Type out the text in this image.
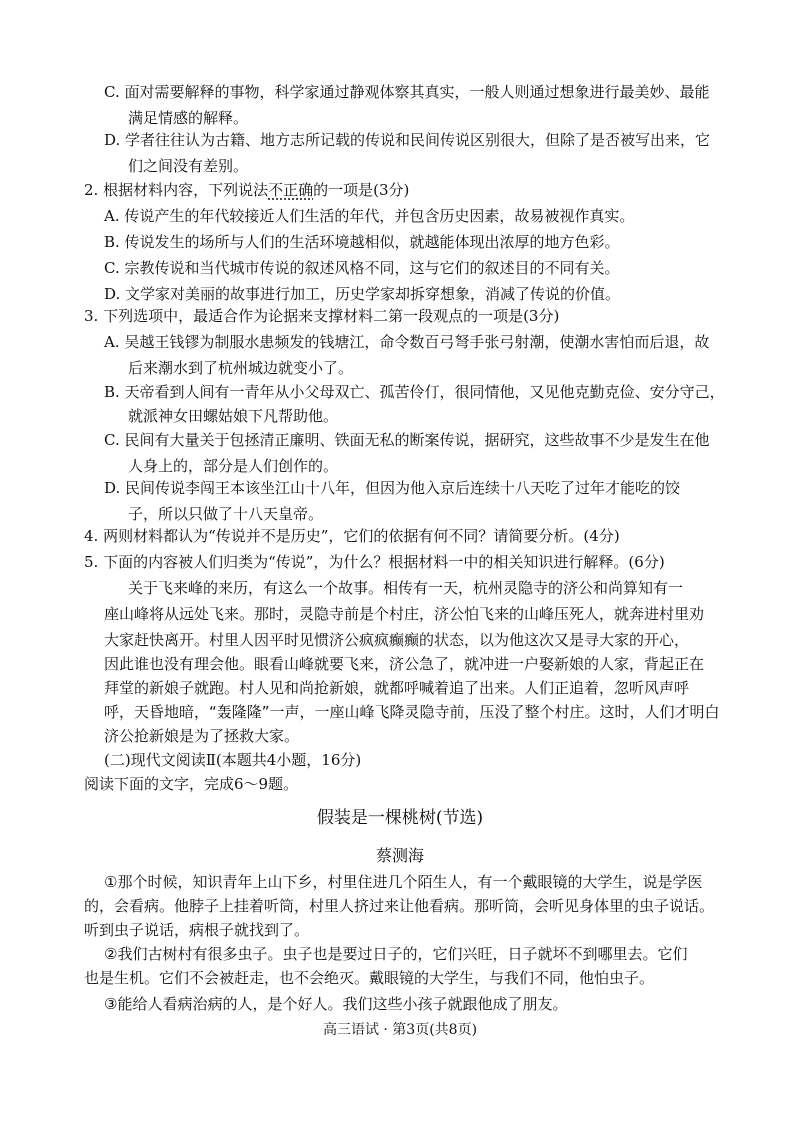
C. 面对需要解释的事物，科学家通过静观体察其真实，一般人则通过想象进行最美妙、最能
满足情感的解释。
D. 学者往往认为古籍、地方志所记载的传说和民间传说区别很大，但除了是否被写出来，它
们之间没有差别。
2. 根据材料内容，下列说法不正确的一项是(3分)
A. 传说产生的年代较接近人们生活的年代，并包含历史因素，故易被视作真实。
B. 传说发生的场所与人们的生活环境越相似，就越能体现出浓厚的地方色彩。
C. 宗教传说和当代城市传说的叙述风格不同，这与它们的叙述目的不同有关。
D. 文学家对美丽的故事进行加工，历史学家却拆穿想象，消减了传说的价值。
3. 下列选项中，最适合作为论据来支撑材料二第一段观点的一项是(3分)
A. 吴越王钱镠为制服水患频发的钱塘江，命令数百弓弩手张弓射潮，使潮水害怕而后退，故
后来潮水到了杭州城边就变小了。
B. 天帝看到人间有一青年从小父母双亡、孤苦伶仃，很同情他，又见他克勤克俭、安分守己，
就派神女田螺姑娘下凡帮助他。
C. 民间有大量关于包拯清正廉明、铁面无私的断案传说，据研究，这些故事不少是发生在他
人身上的，部分是人们创作的。
D. 民间传说李闯王本该坐江山十八年，但因为他入京后连续十八天吃了过年才能吃的饺
子，所以只做了十八天皇帝。
4. 两则材料都认为“传说并不是历史”，它们的依据有何不同？请简要分析。(4分)
5. 下面的内容被人们归类为“传说”，为什么？根据材料一中的相关知识进行解释。(6分)
关于飞来峰的来历，有这么一个故事。相传有一天，杭州灵隐寺的济公和尚算知有一
座山峰将从远处飞来。那时，灵隐寺前是个村庄，济公怕飞来的山峰压死人，就奔进村里劝
大家赶快离开。村里人因平时见惯济公疯疯癫癫的状态，以为他这次又是寻大家的开心，
因此谁也没有理会他。眼看山峰就要飞来，济公急了，就冲进一户娶新娘的人家，背起正在
拜堂的新娘子就跑。村人见和尚抢新娘，就都呼喊着追了出来。人们正追着，忽听风声呼
呼，天昏地暗，“轰隆隆”一声，一座山峰飞降灵隐寺前，压没了整个村庄。这时，人们才明白
济公抢新娘是为了拯救大家。
(二)现代文阅读Ⅱ(本题共4小题，16分)
阅读下面的文字，完成6～9题。
假装是一棵桃树(节选)
蔡测海
①那个时候，知识青年上山下乡，村里住进几个陌生人，有一个戴眼镜的大学生，说是学医
的，会看病。他脖子上挂着听筒，村里人挤过来让他看病。那听筒，会听见身体里的虫子说话。
听到虫子说话，病根子就找到了。
②我们古树村有很多虫子。虫子也是要过日子的，它们兴旺，日子就坏不到哪里去。它们
也是生机。它们不会被赶走，也不会绝灭。戴眼镜的大学生，与我们不同，他怕虫子。
③能给人看病治病的人，是个好人。我们这些小孩子就跟他成了朋友。
高三语试 · 第3页(共8页)
